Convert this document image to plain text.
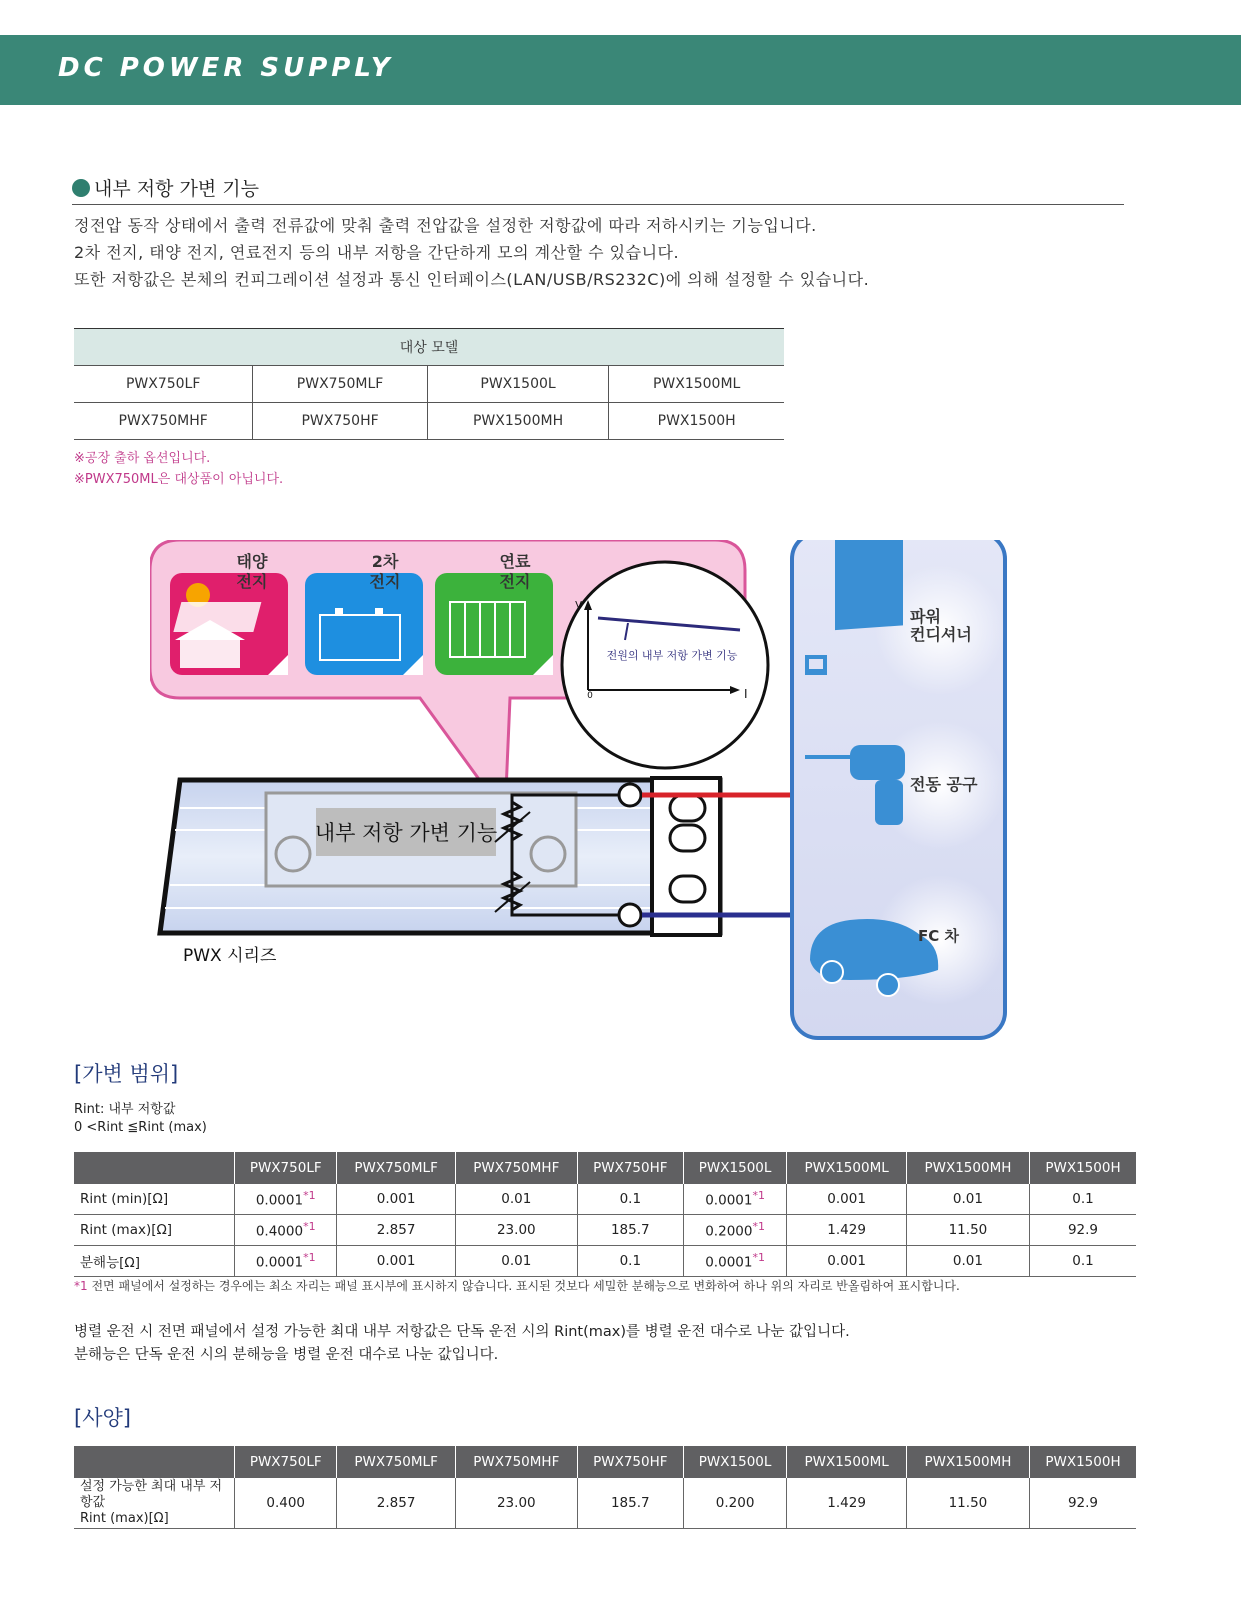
DC POWER SUPPLY
내부 저항 가변 기능

정전압 동작 상태에서 출력 전류값에 맞춰 출력 전압값을 설정한 저항값에 따라 저하시키는 기능입니다.

2차 전지, 태양 전지, 연료전지 등의 내부 저항을 간단하게 모의 계산할 수 있습니다.

또한 저항값은 본체의 컨피그레이션 설정과 통신 인터페이스(LAN/USB/RS232C)에 의해 설정할 수 있습니다.

대상 모델			
PWX750LF	PWX750MLF	PWX1500L	PWX1500ML
PWX750MHF	PWX750HF	PWX1500MH	PWX1500H

※공장 출하 옵션입니다.

※PWX750ML은 대상품이 아닙니다.

태양
전지
2차
전지
연료
전지
V
I
0
전원의 내부 저항 가변 기능
내부 저항 가변 기능
PWX 시리즈
파워
컨디셔너
전동 공구
FC 차
[가변 범위]

Rint: 내부 저항값

0 <Rint ≦Rint (max)

	PWX750LF	PWX750MLF	PWX750MHF	PWX750HF	PWX1500L	PWX1500ML	PWX1500MH	PWX1500H
Rint (min)[Ω]	0.0001$^{*1}$	0.001	0.01	0.1	0.0001$^{*1}$	0.001	0.01	0.1
Rint (max)[Ω]	0.4000$^{*1}$	2.857	23.00	185.7	0.2000$^{*1}$	1.429	11.50	92.9
분해능[Ω]	0.0001$^{*1}$	0.001	0.01	0.1	0.0001$^{*1}$	0.001	0.01	0.1
*1 전면 패널에서 설정하는 경우에는 최소 자리는 패널 표시부에 표시하지 않습니다. 표시된 것보다 세밀한 분해능으로 변화하여 하나 위의 자리로 반올림하여 표시합니다.

병렬 운전 시 전면 패널에서 설정 가능한 최대 내부 저항값은 단독 운전 시의 Rint(max)를 병렬 운전 대수로 나눈 값입니다.

분해능은 단독 운전 시의 분해능을 병렬 운전 대수로 나눈 값입니다.

[사양]
	PWX750LF	PWX750MLF	PWX750MHF	PWX750HF	PWX1500L	PWX1500ML	PWX1500MH	PWX1500H

설정 가능한 최대 내부 저항값
Rint (max)[Ω]	0.400	2.857	23.00	185.7	0.200	1.429	11.50	92.9
